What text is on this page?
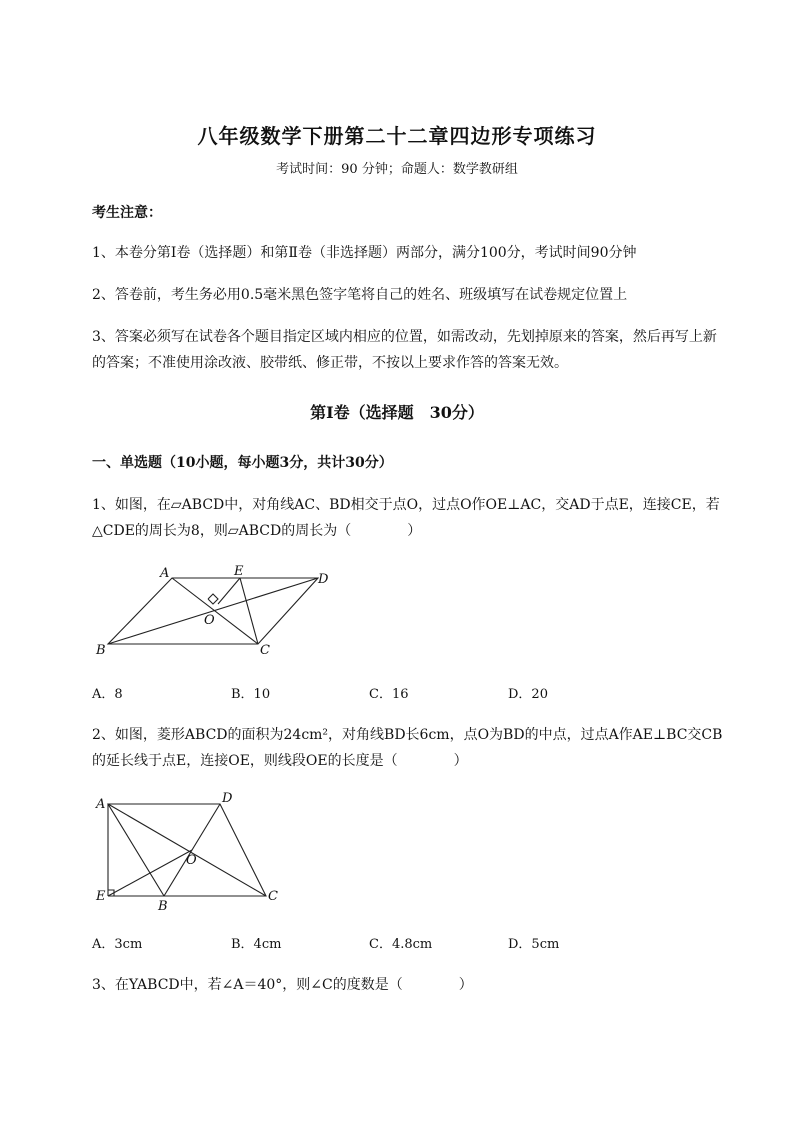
八年级数学下册第二十二章四边形专项练习
考试时间：90 分钟；命题人：数学教研组
考生注意：
1、本卷分第Ⅰ卷（选择题）和第Ⅱ卷（非选择题）两部分，满分100分，考试时间90分钟
2、答卷前，考生务必用0.5毫米黑色签字笔将自己的姓名、班级填写在试卷规定位置上
3、答案必须写在试卷各个题目指定区域内相应的位置，如需改动，先划掉原来的答案，然后再写上新
的答案；不准使用涂改液、胶带纸、修正带，不按以上要求作答的答案无效。
第Ⅰ卷（选择题　30分）
一、单选题（10小题，每小题3分，共计30分）
1、如图，在▱ABCD中，对角线AC、BD相交于点O，过点O作OE⊥AC，交AD于点E，连接CE，若
△CDE的周长为8，则▱ABCD的周长为（　　　　）
A	E
D
O
B	C
A．8	B．10	C．16	D．20
2、如图，菱形ABCD的面积为24cm²，对角线BD长6cm，点O为BD的中点，过点A作AE⊥BC交CB
的延长线于点E，连接OE，则线段OE的长度是（　　　　）
A	D
O
E
B
C
A．3cm	B．4cm	C．4.8cm	D．5cm
3、在YABCD中，若∠A＝40°，则∠C的度数是（　　　　）
